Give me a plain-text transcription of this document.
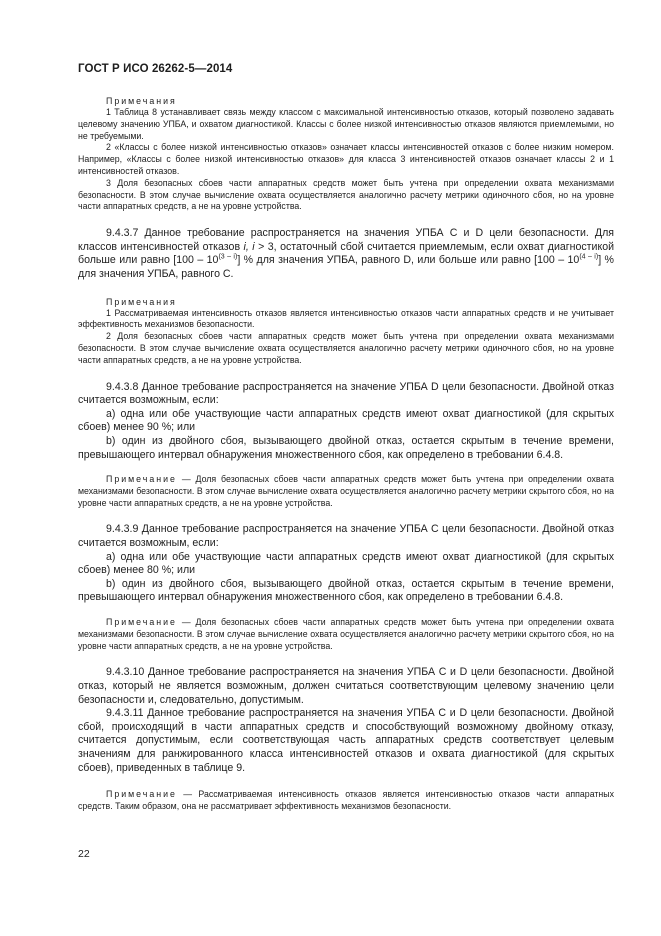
ГОСТ Р ИСО 26262-5—2014

Примечания

1 Таблица 8 устанавливает связь между классом с максимальной интенсивностью отказов, который позволено задавать целевому значению УПБА, и охватом диагностикой. Классы с более низкой интенсивностью отказов являются приемлемыми, но не требуемыми.

2 «Классы с более низкой интенсивностью отказов» означает классы интенсивностей отказов с более низким номером. Например, «Классы с более низкой интенсивностью отказов» для класса 3 интенсивностей отказов означает классы 2 и 1 интенсивностей отказов.

3 Доля безопасных сбоев части аппаратных средств может быть учтена при определении охвата механизмами безопасности. В этом случае вычисление охвата осуществляется аналогично расчету метрики одиночного сбоя, но на уровне части аппаратных средств, а не на уровне устройства.

9.4.3.7 Данное требование распространяется на значения УПБА С и D цели безопасности. Для классов интенсивностей отказов i, i > 3, остаточный сбой считается приемлемым, если охват диагностикой больше или равно [100 – 10$^{(3 - i)}$] % для значения УПБА, равного D, или больше или равно [100 – 10$^{(4 - i)}$] % для значения УПБА, равного С.

Примечания

1 Рассматриваемая интенсивность отказов является интенсивностью отказов части аппаратных средств и не учитывает эффективность механизмов безопасности.

2 Доля безопасных сбоев части аппаратных средств может быть учтена при определении охвата механизмами безопасности. В этом случае вычисление охвата осуществляется аналогично расчету метрики одиночного сбоя, но на уровне части аппаратных средств, а не на уровне устройства.

9.4.3.8 Данное требование распространяется на значение УПБА D цели безопасности. Двойной отказ считается возможным, если:

a) одна или обе участвующие части аппаратных средств имеют охват диагностикой (для скрытых сбоев) менее 90 %; или

b) один из двойного сбоя, вызывающего двойной отказ, остается скрытым в течение времени, превышающего интервал обнаружения множественного сбоя, как определено в требовании 6.4.8.

Примечание — Доля безопасных сбоев части аппаратных средств может быть учтена при определении охвата механизмами безопасности. В этом случае вычисление охвата осуществляется аналогично расчету метрики скрытого сбоя, но на уровне части аппаратных средств, а не на уровне устройства.

9.4.3.9 Данное требование распространяется на значение УПБА С цели безопасности. Двойной отказ считается возможным, если:

a) одна или обе участвующие части аппаратных средств имеют охват диагностикой (для скрытых сбоев) менее 80 %; или

b) один из двойного сбоя, вызывающего двойной отказ, остается скрытым в течение времени, превышающего интервал обнаружения множественного сбоя, как определено в требовании 6.4.8.

Примечание — Доля безопасных сбоев части аппаратных средств может быть учтена при определении охвата механизмами безопасности. В этом случае вычисление охвата осуществляется аналогично расчету метрики скрытого сбоя, но на уровне части аппаратных средств, а не на уровне устройства.

9.4.3.10 Данное требование распространяется на значения УПБА С и D цели безопасности. Двойной отказ, который не является возможным, должен считаться соответствующим целевому значению цели безопасности и, следовательно, допустимым.

9.4.3.11 Данное требование распространяется на значения УПБА С и D цели безопасности. Двойной сбой, происходящий в части аппаратных средств и способствующий возможному двойному отказу, считается допустимым, если соответствующая часть аппаратных средств соответствует целевым значениям для ранжированного класса интенсивностей отказов и охвата диагностикой (для скрытых сбоев), приведенных в таблице 9.

Примечание — Рассматриваемая интенсивность отказов является интенсивностью отказов части аппаратных средств. Таким образом, она не рассматривает эффективность механизмов безопасности.

22
